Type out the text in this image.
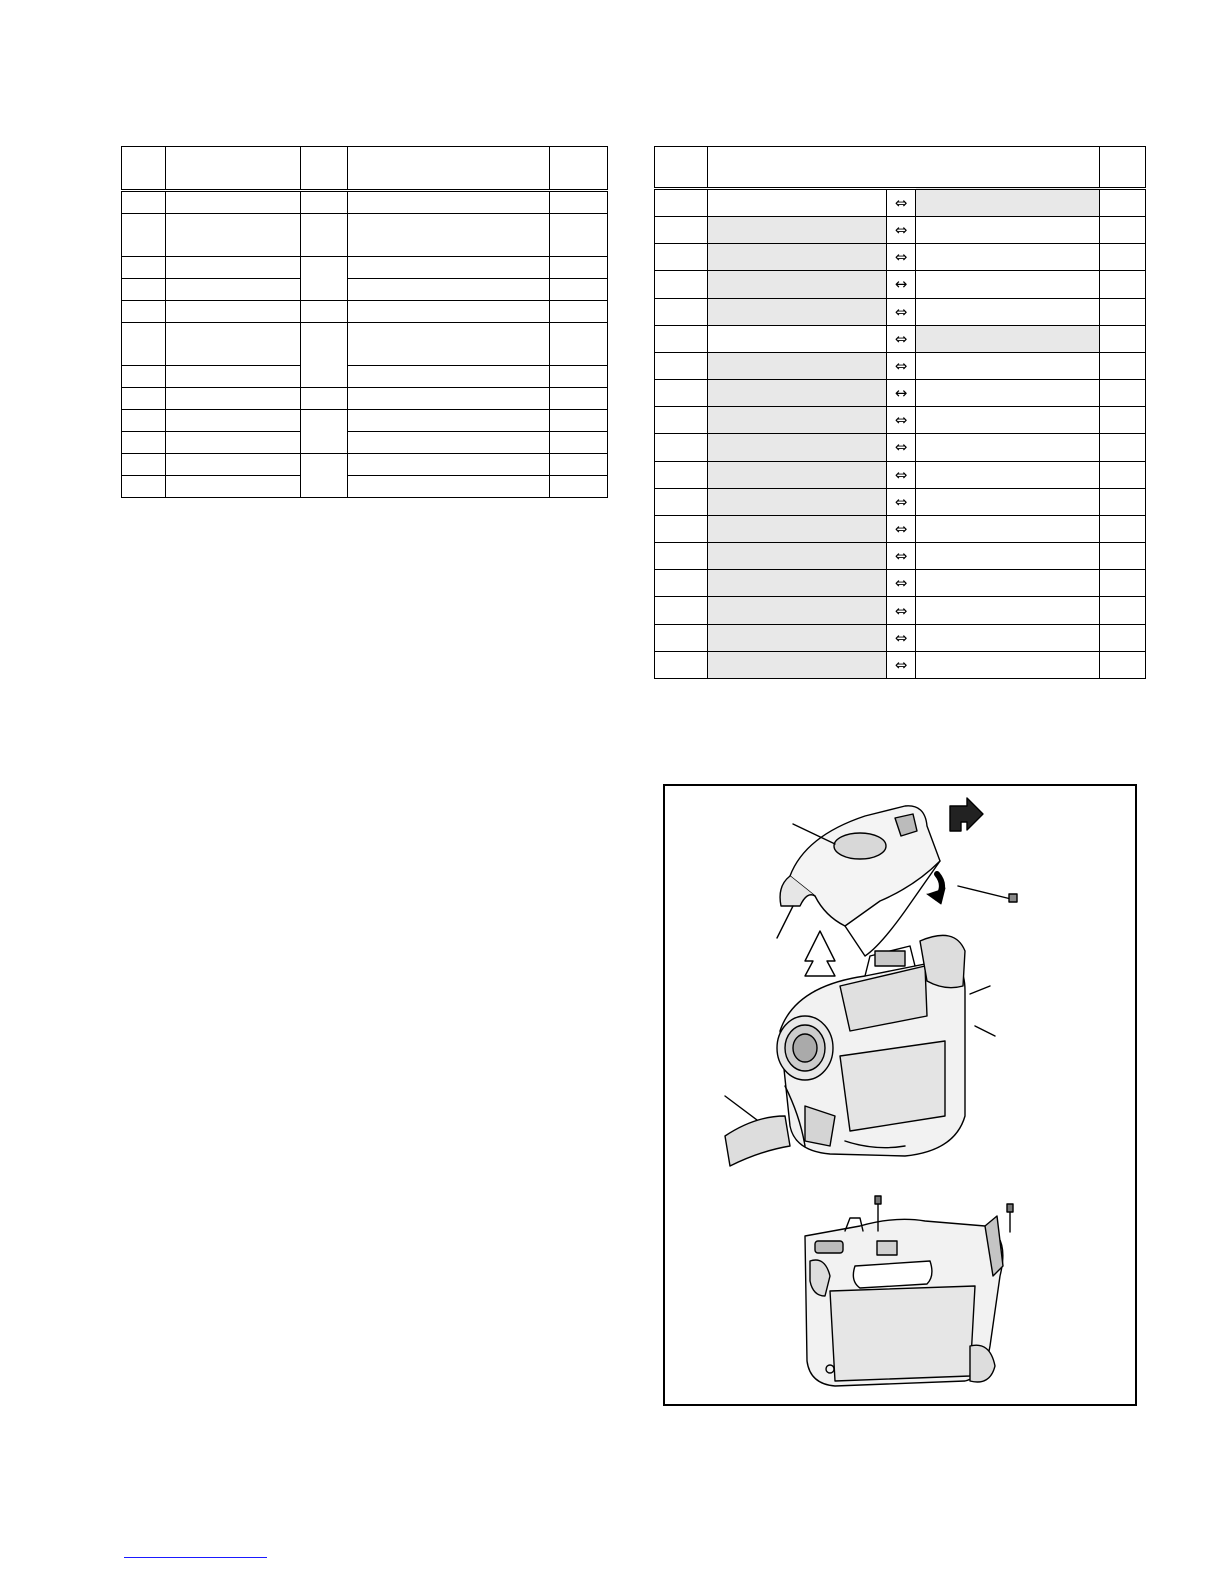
		⇔		
		⇔		
		⇔		
		↔		
		⇔		
		⇔		
		⇔		
		↔		
		⇔		
		⇔		
		⇔		
		⇔		
		⇔		
		⇔		
		⇔		
		⇔		
		⇔		
		⇔		
